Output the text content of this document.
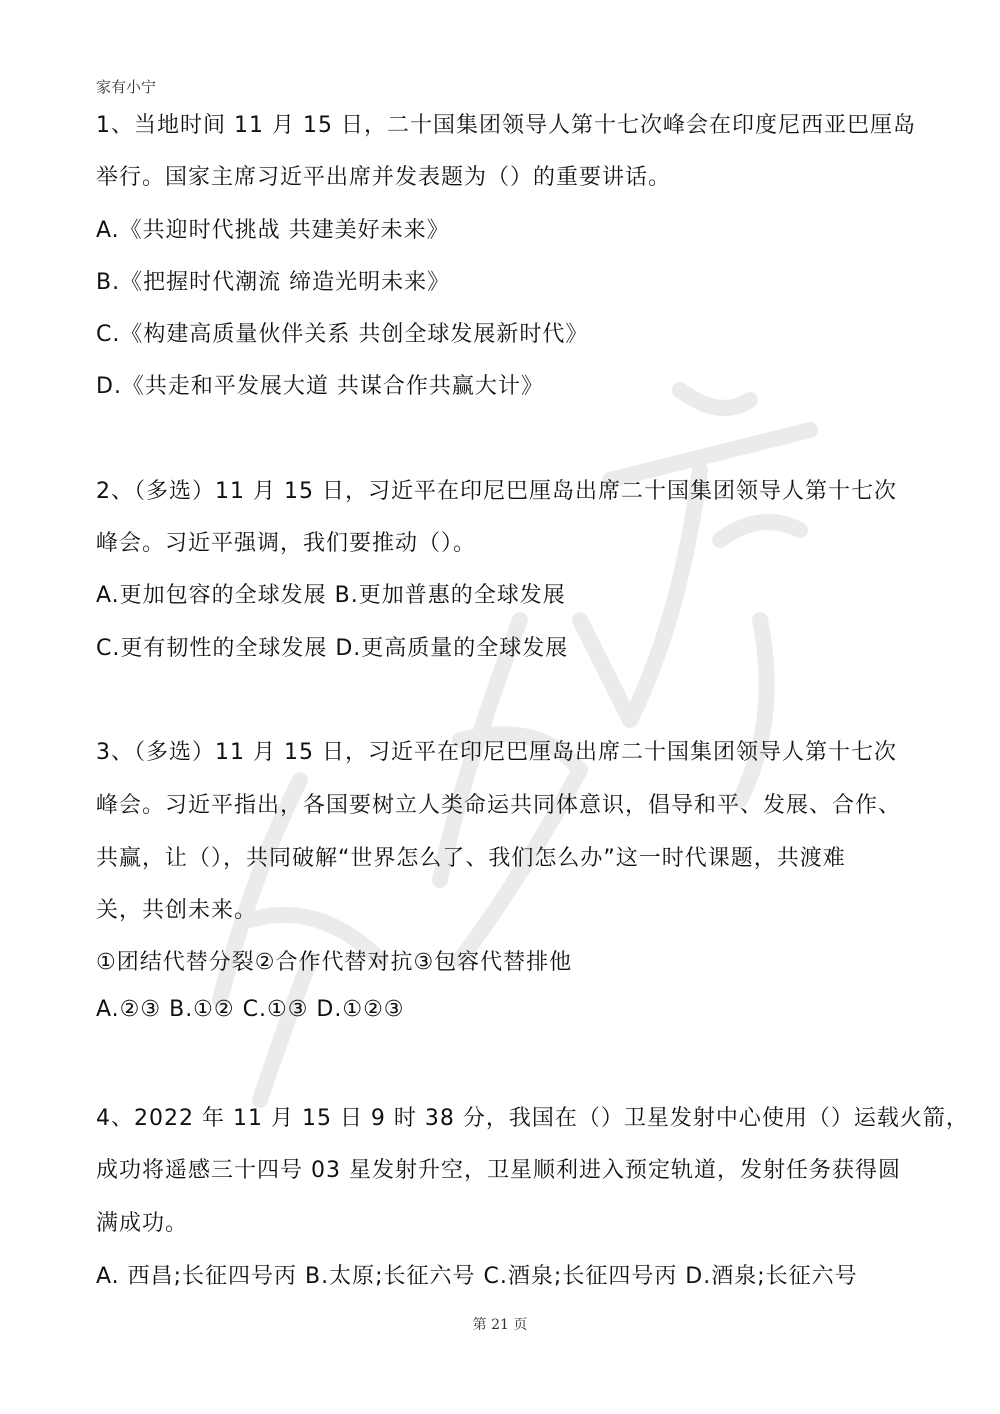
家有小宁
1、当地时间 11 月 15 日，二十国集团领导人第十七次峰会在印度尼西亚巴厘岛
举行。国家主席习近平出席并发表题为（）的重要讲话。
A.《共迎时代挑战 共建美好未来》
B.《把握时代潮流 缔造光明未来》
C.《构建高质量伙伴关系 共创全球发展新时代》
D.《共走和平发展大道 共谋合作共赢大计》
2、（多选）11 月 15 日，习近平在印尼巴厘岛出席二十国集团领导人第十七次
峰会。习近平强调，我们要推动（）。
A.更加包容的全球发展 B.更加普惠的全球发展
C.更有韧性的全球发展 D.更高质量的全球发展
3、（多选）11 月 15 日，习近平在印尼巴厘岛出席二十国集团领导人第十七次
峰会。习近平指出，各国要树立人类命运共同体意识，倡导和平、发展、合作、
共赢，让（），共同破解“世界怎么了、我们怎么办”这一时代课题，共渡难
关，共创未来。
①团结代替分裂②合作代替对抗③包容代替排他
A.②③ B.①② C.①③ D.①②③
4、2022 年 11 月 15 日 9 时 38 分，我国在（）卫星发射中心使用（）运载火箭，
成功将遥感三十四号 03 星发射升空，卫星顺利进入预定轨道，发射任务获得圆
满成功。
A. 西昌;长征四号丙 B.太原;长征六号 C.酒泉;长征四号丙 D.酒泉;长征六号
第 21 页
